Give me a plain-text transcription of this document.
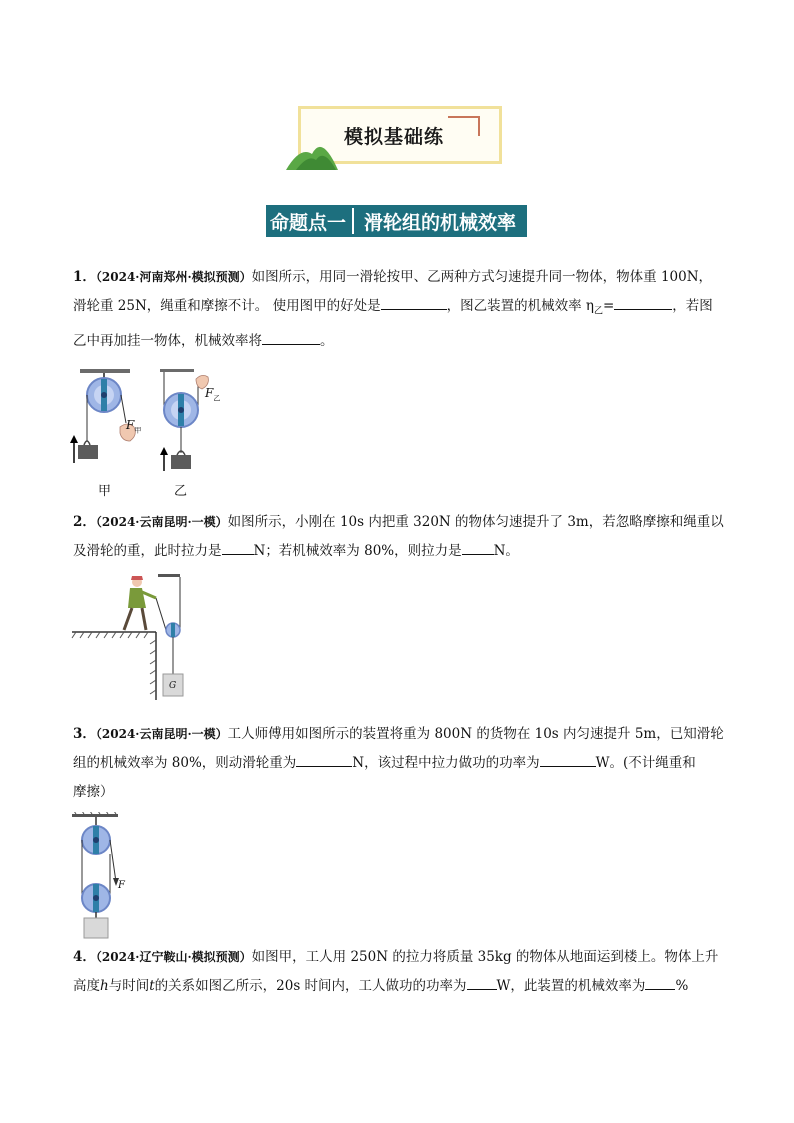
模拟基础练
命题点一 滑轮组的机械效率
1．（2024·河南郑州·模拟预测）如图所示，用同一滑轮按甲、乙两种方式匀速提升同一物体，物体重 100N，
滑轮重 25N，绳重和摩擦不计。 使用图甲的好处是	，图乙装置的机械效率 $\eta_乙=$	，若图
乙中再加挂一物体，机械效率将	。
$F_甲$
甲
$F_乙$
乙
2．（2024·云南昆明·一模）如图所示，小刚在 10s 内把重 320N 的物体匀速提升了 3m，若忽略摩擦和绳重以
及滑轮的重，此时拉力是 N；若机械效率为 80%，则拉力是 N。
G
3．（2024·云南昆明·一模）工人师傅用如图所示的装置将重为 800N 的货物在 10s 内匀速提升 5m，已知滑轮
组的机械效率为 80%，则动滑轮重为	N，该过程中拉力做功的功率为	W。(不计绳重和
摩擦）
F
4．（2024·辽宁鞍山·模拟预测）如图甲，工人用 250N 的拉力将质量 35kg 的物体从地面运到楼上。物体上升
高度h与时间t的关系如图乙所示，20s 时间内，工人做功的功率为 W，此装置的机械效率为 %
